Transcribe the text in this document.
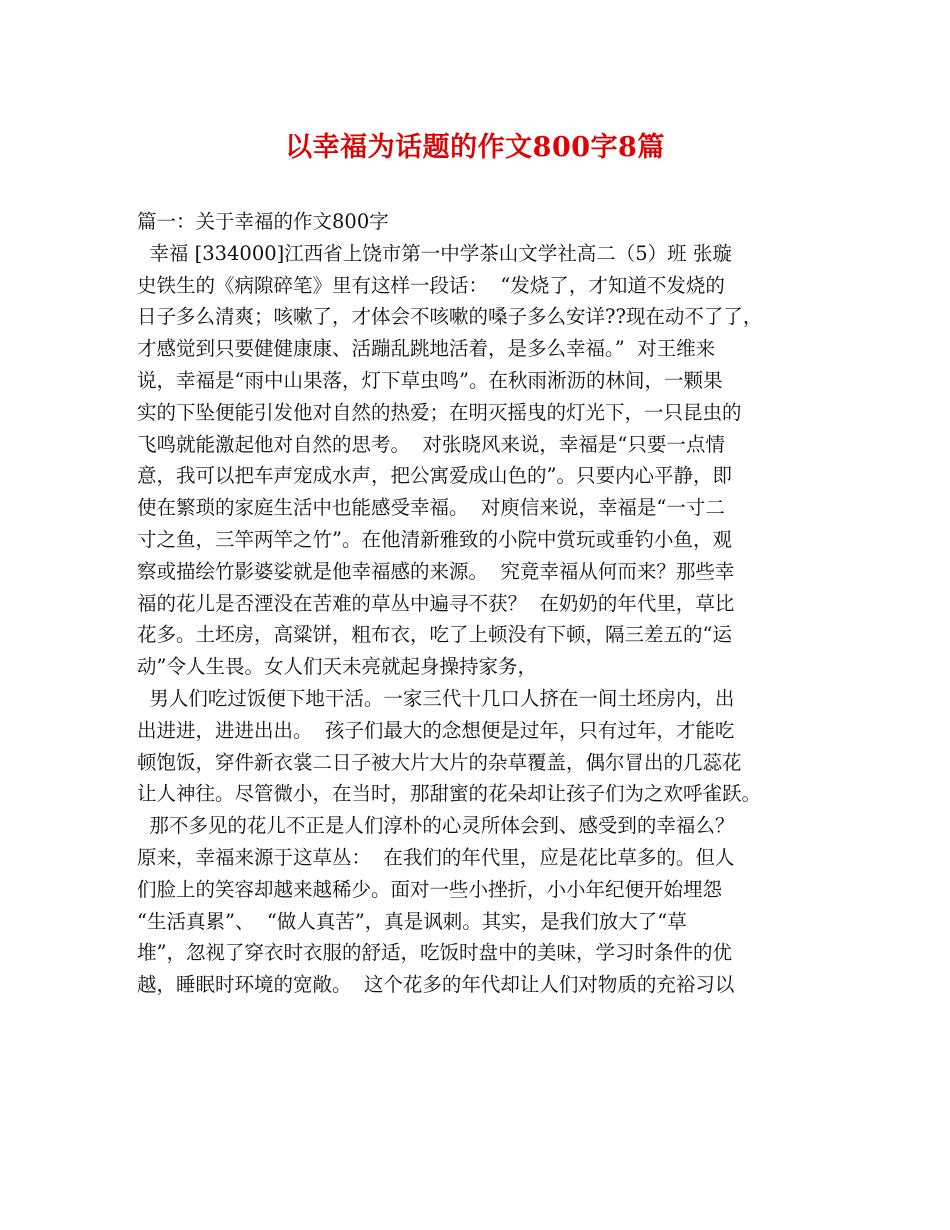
以幸福为话题的作文800字8篇
篇一：关于幸福的作文800字
幸福 [334000]江西省上饶市第一中学茶山文学社高二（5）班 张璇
史铁生的《病隙碎笔》里有这样一段话：  “发烧了，才知道不发烧的
日子多么清爽；咳嗽了，才体会不咳嗽的嗓子多么安详??现在动不了了，
才感觉到只要健健康康、活蹦乱跳地活着，是多么幸福。”  对王维来
说，幸福是“雨中山果落，灯下草虫鸣”。在秋雨淅沥的林间，一颗果
实的下坠便能引发他对自然的热爱；在明灭摇曳的灯光下，一只昆虫的
飞鸣就能激起他对自然的思考。  对张晓风来说，幸福是“只要一点情
意，我可以把车声宠成水声，把公寓爱成山色的”。只要内心平静，即
使在繁琐的家庭生活中也能感受幸福。  对庾信来说，幸福是“一寸二
寸之鱼，三竿两竿之竹”。在他清新雅致的小院中赏玩或垂钓小鱼，观
察或描绘竹影婆娑就是他幸福感的来源。  究竟幸福从何而来？那些幸
福的花儿是否湮没在苦难的草丛中遍寻不获？  在奶奶的年代里，草比
花多。土坯房，高粱饼，粗布衣，吃了上顿没有下顿，隔三差五的“运
动”令人生畏。女人们天未亮就起身操持家务，
男人们吃过饭便下地干活。一家三代十几口人挤在一间土坯房内，出
出进进，进进出出。  孩子们最大的念想便是过年，只有过年，才能吃
顿饱饭，穿件新衣裳二日子被大片大片的杂草覆盖，偶尔冒出的几蕊花
让人神往。尽管微小，在当时，那甜蜜的花朵却让孩子们为之欢呼雀跃。
那不多见的花儿不正是人们淳朴的心灵所体会到、感受到的幸福么？
原来，幸福来源于这草丛：  在我们的年代里，应是花比草多的。但人
们脸上的笑容却越来越稀少。面对一些小挫折，小小年纪便开始埋怨
“生活真累”、  “做人真苦”，真是讽刺。其实，是我们放大了“草
堆”，忽视了穿衣时衣服的舒适，吃饭时盘中的美味，学习时条件的优
越，睡眠时环境的宽敞。  这个花多的年代却让人们对物质的充裕习以
